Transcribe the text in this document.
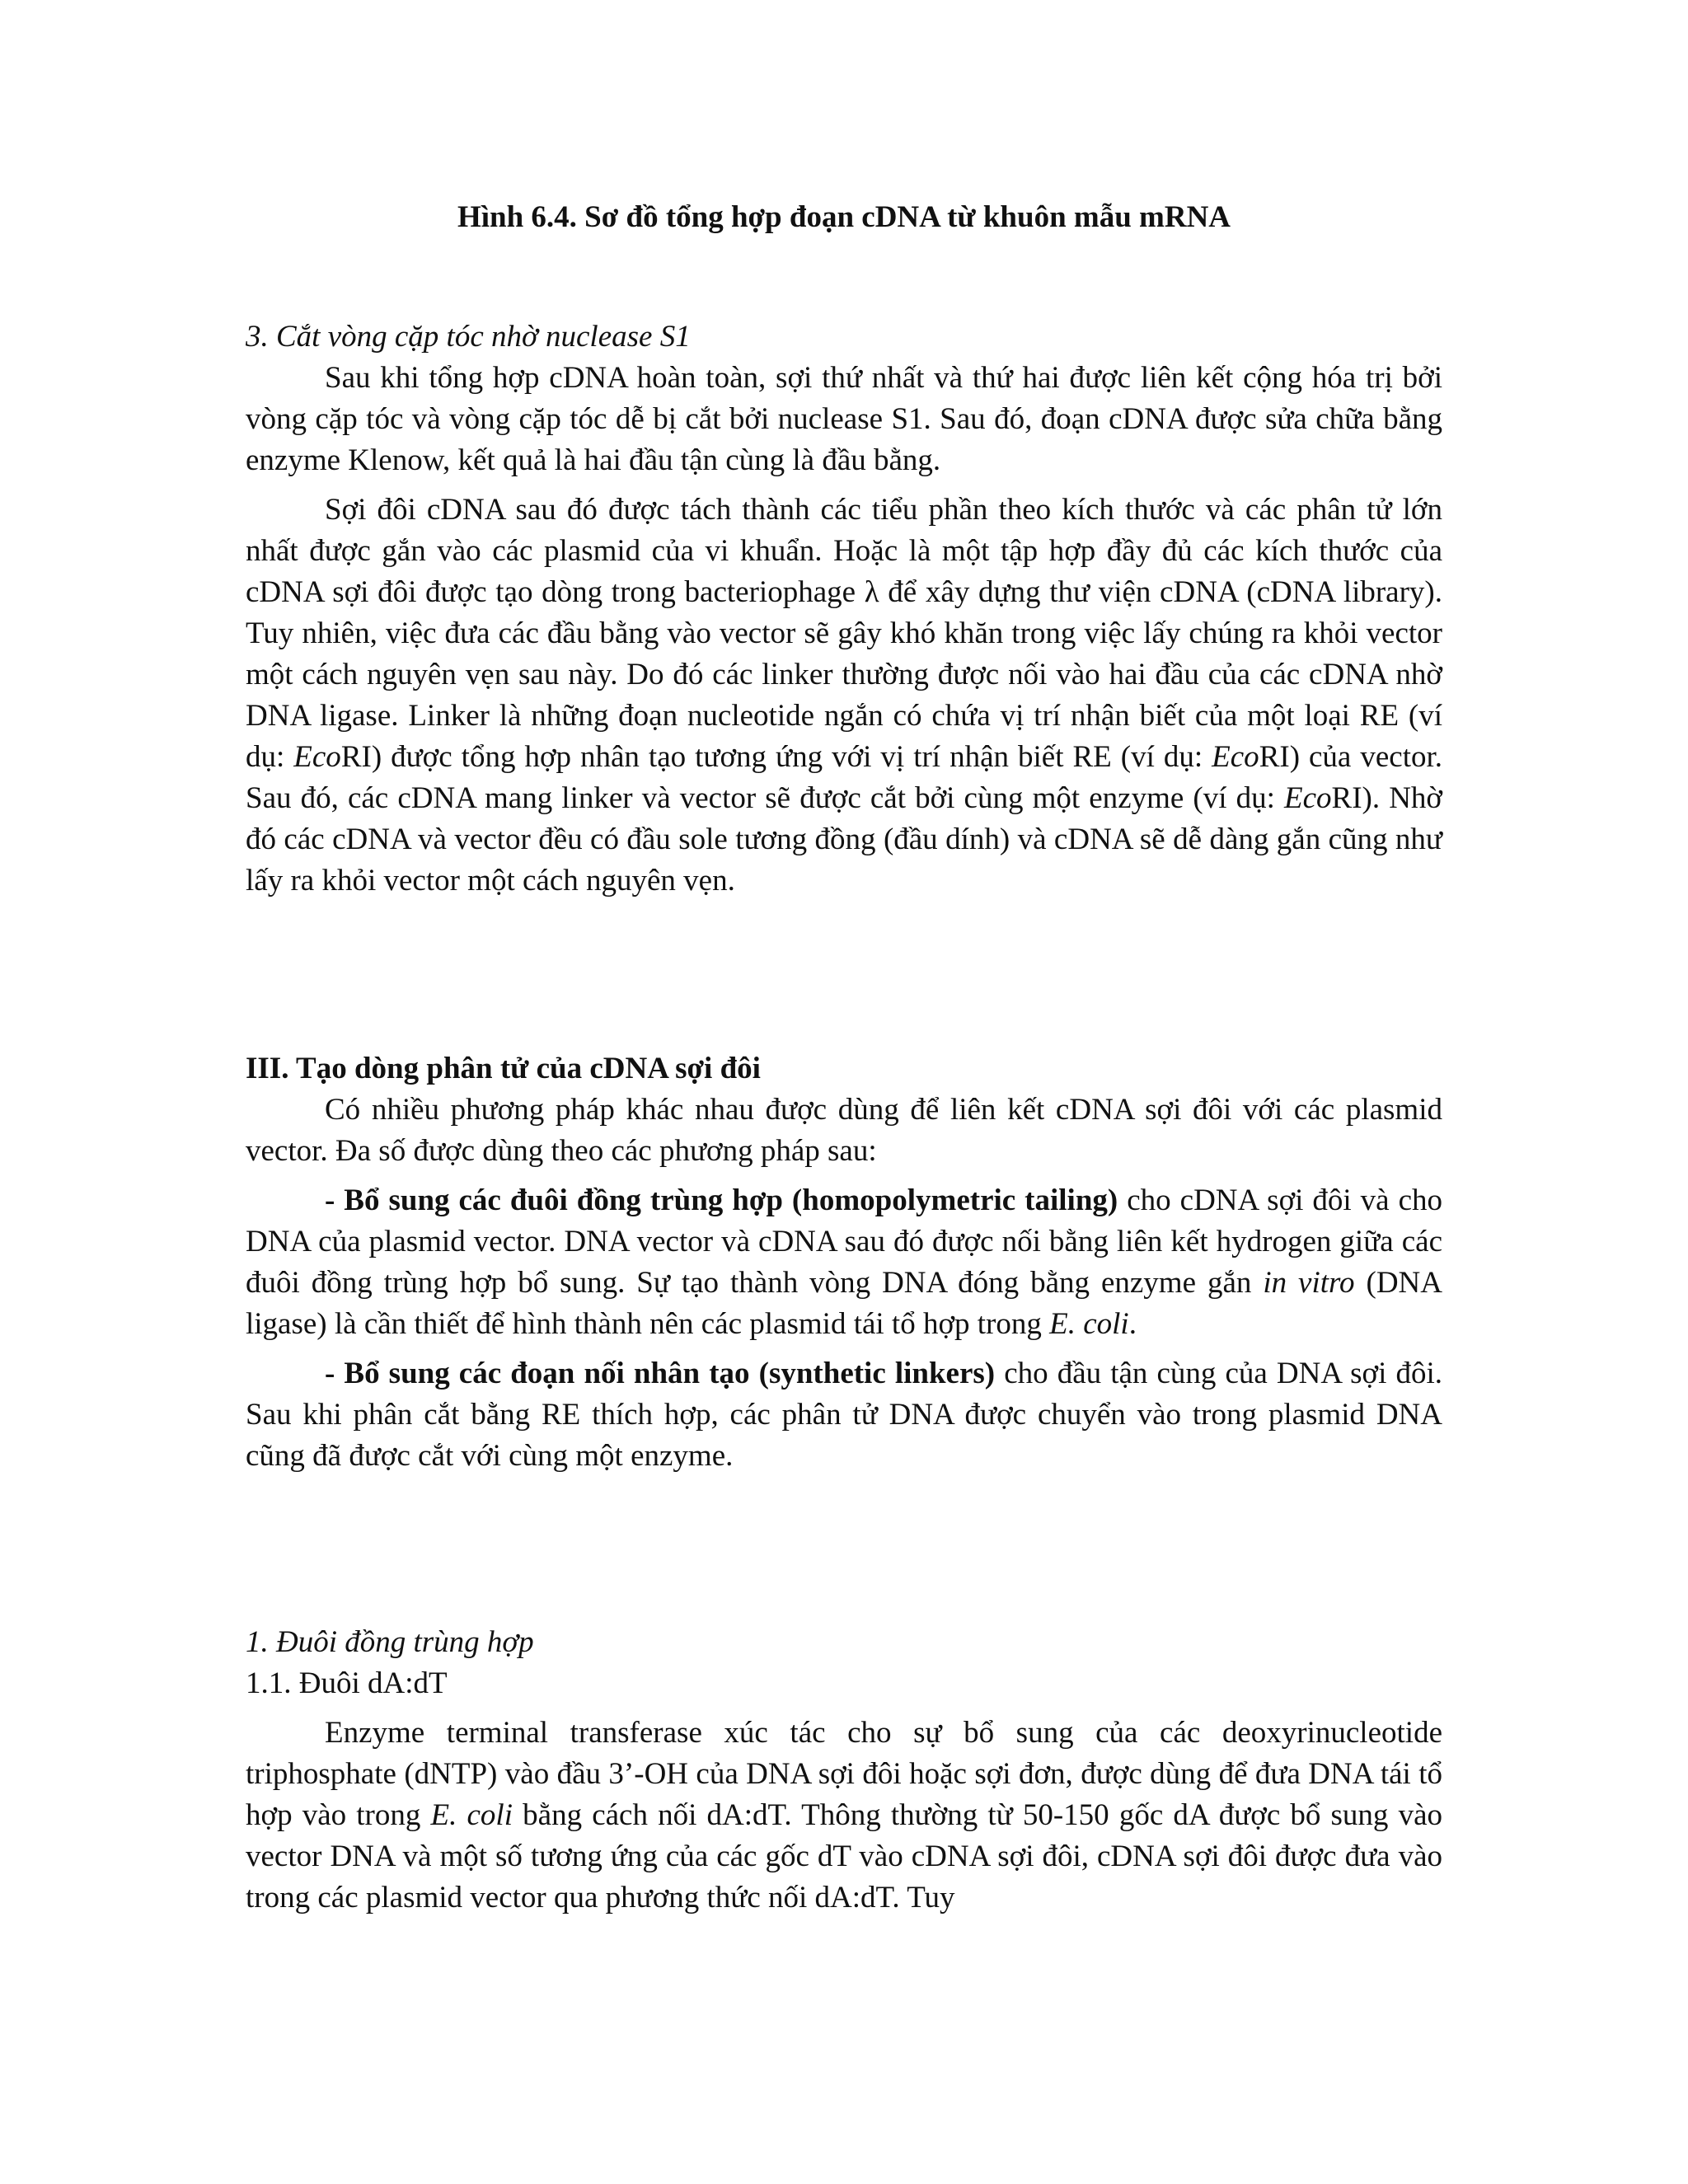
Hình 6.4. Sơ đồ tổng hợp đoạn cDNA từ khuôn mẫu mRNA

3. Cắt vòng cặp tóc nhờ nuclease S1

Sau khi tổng hợp cDNA hoàn toàn, sợi thứ nhất và thứ hai được liên kết cộng hóa trị bởi vòng cặp tóc và vòng cặp tóc dễ bị cắt bởi nuclease S1. Sau đó, đoạn cDNA được sửa chữa bằng enzyme Klenow, kết quả là hai đầu tận cùng là đầu bằng.

Sợi đôi cDNA sau đó được tách thành các tiểu phần theo kích thước và các phân tử lớn nhất được gắn vào các plasmid của vi khuẩn. Hoặc là một tập hợp đầy đủ các kích thước của cDNA sợi đôi được tạo dòng trong bacteriophage λ để xây dựng thư viện cDNA (cDNA library). Tuy nhiên, việc đưa các đầu bằng vào vector sẽ gây khó khăn trong việc lấy chúng ra khỏi vector một cách nguyên vẹn sau này. Do đó các linker thường được nối vào hai đầu của các cDNA nhờ DNA ligase. Linker là những đoạn nucleotide ngắn có chứa vị trí nhận biết của một loại RE (ví dụ: EcoRI) được tổng hợp nhân tạo tương ứng với vị trí nhận biết RE (ví dụ: EcoRI) của vector. Sau đó, các cDNA mang linker và vector sẽ được cắt bởi cùng một enzyme (ví dụ: EcoRI). Nhờ đó các cDNA và vector đều có đầu sole tương đồng (đầu dính) và cDNA sẽ dễ dàng gắn cũng như lấy ra khỏi vector một cách nguyên vẹn.

III. Tạo dòng phân tử của cDNA sợi đôi

Có nhiều phương pháp khác nhau được dùng để liên kết cDNA sợi đôi với các plasmid vector. Đa số được dùng theo các phương pháp sau:

- Bổ sung các đuôi đồng trùng hợp (homopolymetric tailing) cho cDNA sợi đôi và cho DNA của plasmid vector. DNA vector và cDNA sau đó được nối bằng liên kết hydrogen giữa các đuôi đồng trùng hợp bổ sung. Sự tạo thành vòng DNA đóng bằng enzyme gắn in vitro (DNA ligase) là cần thiết để hình thành nên các plasmid tái tổ hợp trong E. coli.

- Bổ sung các đoạn nối nhân tạo (synthetic linkers) cho đầu tận cùng của DNA sợi đôi. Sau khi phân cắt bằng RE thích hợp, các phân tử DNA được chuyển vào trong plasmid DNA cũng đã được cắt với cùng một enzyme.

1. Đuôi đồng trùng hợp

1.1. Đuôi dA:dT

Enzyme terminal transferase xúc tác cho sự bổ sung của các deoxyrinucleotide triphosphate (dNTP) vào đầu 3’-OH của DNA sợi đôi hoặc sợi đơn, được dùng để đưa DNA tái tổ hợp vào trong E. coli bằng cách nối dA:dT. Thông thường từ 50-150 gốc dA được bổ sung vào vector DNA và một số tương ứng của các gốc dT vào cDNA sợi đôi, cDNA sợi đôi được đưa vào trong các plasmid vector qua phương thức nối dA:dT. Tuy
